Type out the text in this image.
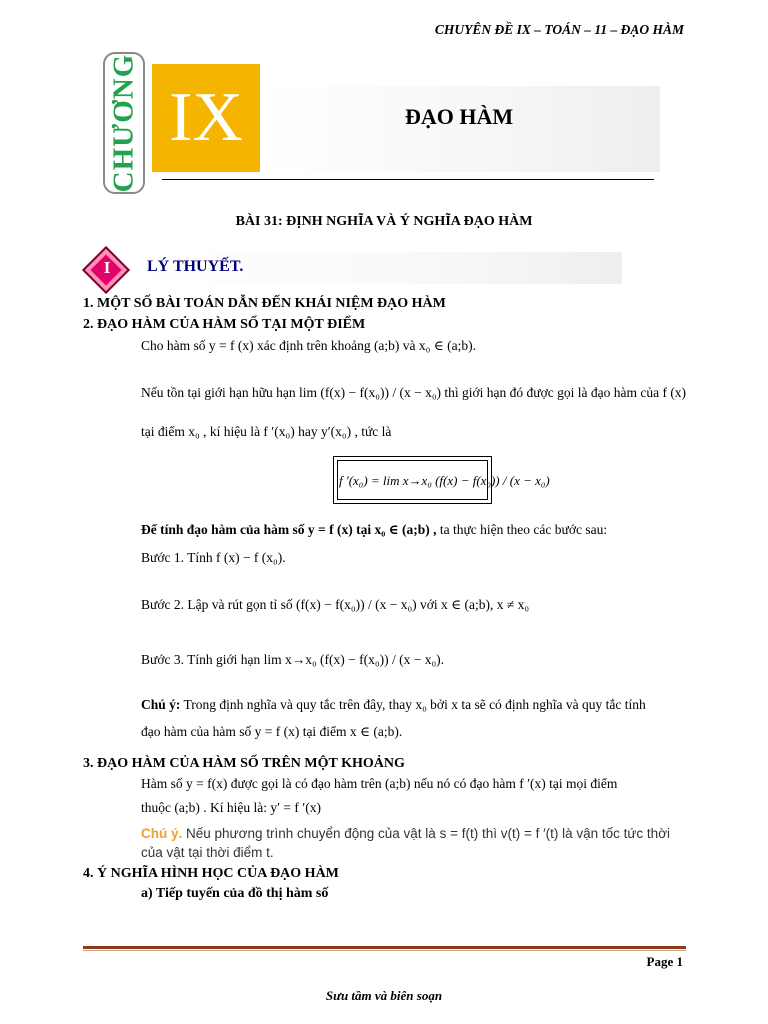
CHUYÊN ĐỀ IX – TOÁN – 11 – ĐẠO HÀM
CHƯƠNG IX	ĐẠO HÀM
BÀI 31: ĐỊNH NGHĨA VÀ Ý NGHĨA ĐẠO HÀM
I	LÝ THUYẾT.
1. MỘT SỐ BÀI TOÁN DẪN ĐẾN KHÁI NIỆM ĐẠO HÀM
2. ĐẠO HÀM CỦA HÀM SỐ TẠI MỘT ĐIỂM
Cho hàm số y = f (x) xác định trên khoảng (a;b) và x₀ ∈ (a;b).
Nếu tồn tại giới hạn hữu hạn lim (f(x) − f(x₀)) / (x − x₀) thì giới hạn đó được gọi là đạo hàm của f (x)
tại điểm x₀ , kí hiệu là f ′(x₀) hay y′(x₀) , tức là
f ′(x₀) = lim x→x₀ (f(x) − f(x₀)) / (x − x₀)
Để tính đạo hàm của hàm số y = f (x) tại x₀ ∈ (a;b) , ta thực hiện theo các bước sau:
Bước 1. Tính f (x) − f (x₀).
Bước 2. Lập và rút gọn tỉ số (f(x) − f(x₀)) / (x − x₀) với x ∈ (a;b), x ≠ x₀
Bước 3. Tính giới hạn lim x→x₀ (f(x) − f(x₀)) / (x − x₀).
Chú ý: Trong định nghĩa và quy tắc trên đây, thay x₀ bởi x ta sẽ có định nghĩa và quy tắc tính
đạo hàm của hàm số y = f (x) tại điểm x ∈ (a;b).
3. ĐẠO HÀM CỦA HÀM SỐ TRÊN MỘT KHOẢNG
Hàm số y = f(x) được gọi là có đạo hàm trên (a;b) nếu nó có đạo hàm f ′(x) tại mọi điểm
thuộc (a;b) . Kí hiệu là: y′ = f ′(x)
Chú ý. Nếu phương trình chuyển động của vật là s = f(t) thì v(t) = f ′(t) là vận tốc tức thời
của vật tại thời điểm t.
4. Ý NGHĨA HÌNH HỌC CỦA ĐẠO HÀM
a) Tiếp tuyến của đồ thị hàm số
Page 1
Sưu tầm và biên soạn
